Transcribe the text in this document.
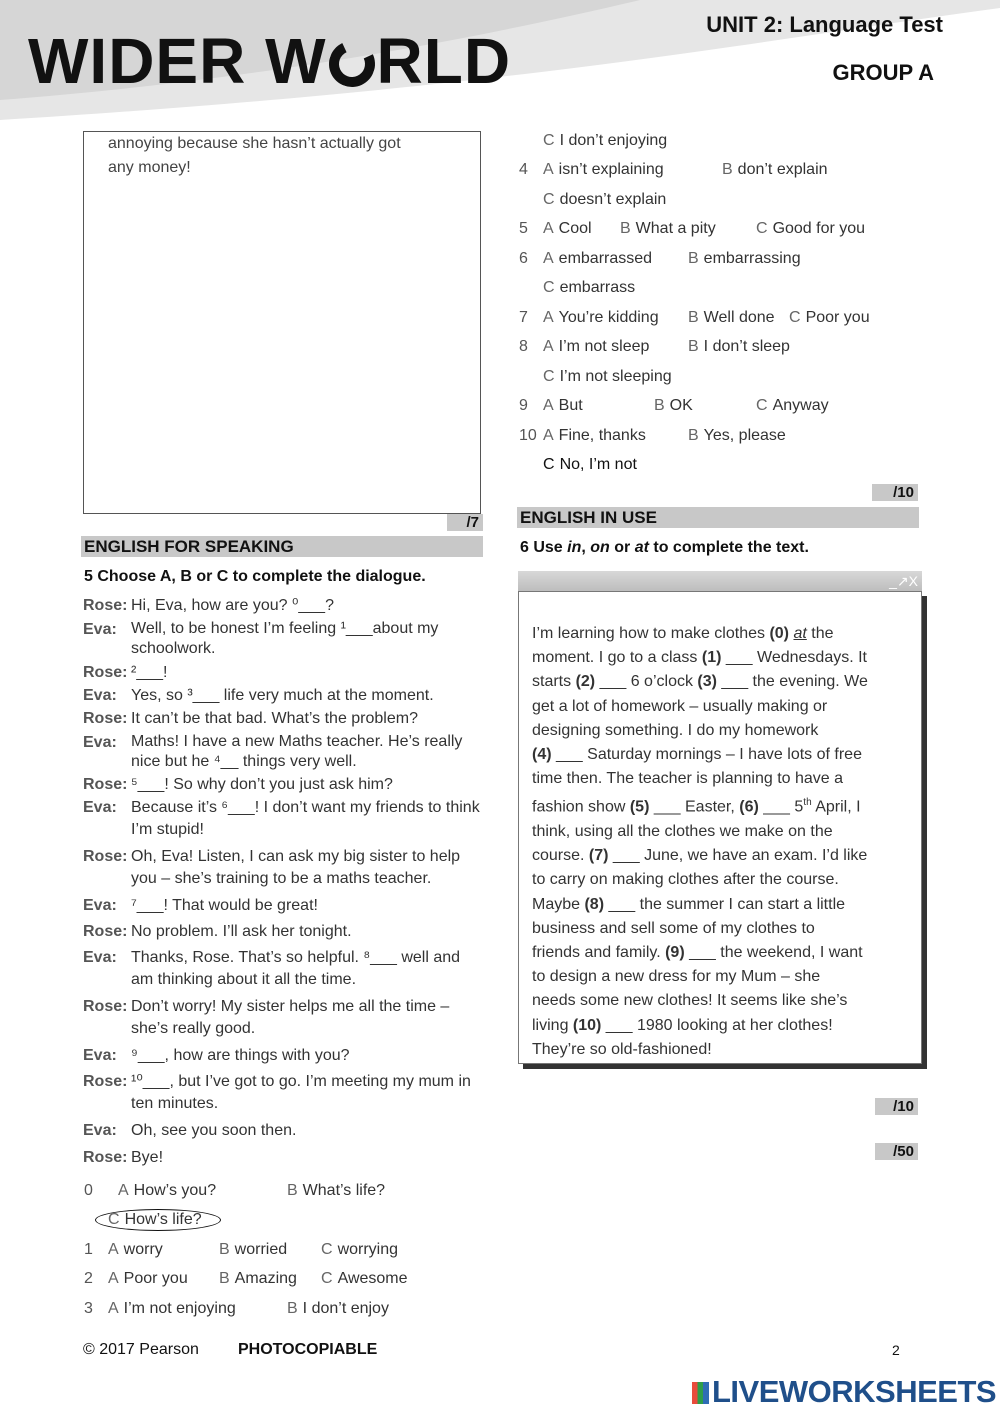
WIDER W RLD
UNIT 2: Language Test
GROUP A
annoying because she hasn’t actually got
any money!
/7
ENGLISH FOR SPEAKING
5 Choose A, B or C to complete the dialogue.
Rose: Hi, Eva, how are you? ⁰___?
Eva: Well, to be honest I’m feeling ¹___about my schoolwork.
Rose: ²___!
Eva: Yes, so ³___ life very much at the moment.
Rose: It can’t be that bad. What’s the problem?
Eva: Maths! I have a new Maths teacher. He’s really nice but he ⁴__ things very well.
Rose: ⁵___! So why don’t you just ask him?
Eva: Because it’s ⁶___! I don’t want my friends to think I’m stupid!
Rose: Oh, Eva! Listen, I can ask my big sister to help you – she’s training to be a maths teacher.
Eva: ⁷___! That would be great!
Rose: No problem. I’ll ask her tonight.
Eva: Thanks, Rose. That’s so helpful. ⁸___ well and am thinking about it all the time.
Rose: Don’t worry! My sister helps me all the time – she’s really good.
Eva: ⁹___, how are things with you?
Rose: ¹⁰___, but I’ve got to go. I’m meeting my mum in ten minutes.
Eva: Oh, see you soon then.
Rose: Bye!
0 A How’s you?	B What’s life?
C How’s life?
1 A worry	B worried C worrying
2 A Poor you B Amazing C Awesome
3 A I’m not enjoying	B I don’t enjoy
C I don’t enjoying
4 A isn’t explaining	B don’t explain
C doesn’t explain
5 A Cool B What a pity	C Good for you
6 A embarrassed B embarrassing
C embarrass
7 A You’re kidding B Well done C Poor you
8 A I’m not sleep B I don’t sleep
C I’m not sleeping
9 A But	B OK	C Anyway
10 A Fine, thanks	B Yes, please
C No, I’m not
/10
ENGLISH IN USE
6 Use in, on or at to complete the text.
_↗X
I’m learning how to make clothes (0) at the
moment. I go to a class (1) ___ Wednesdays. It
starts (2) ___ 6 o’clock (3) ___ the evening. We
get a lot of homework – usually making or
designing something. I do my homework
(4) ___ Saturday mornings – I have lots of free
time then. The teacher is planning to have a
fashion show (5) ___ Easter, (6) ___ 5th April, I
think, using all the clothes we make on the
course. (7) ___ June, we have an exam. I’d like
to carry on making clothes after the course.
Maybe (8) ___ the summer I can start a little
business and sell some of my clothes to
friends and family. (9) ___ the weekend, I want
to design a new dress for my Mum – she
needs some new clothes! It seems like she’s
living (10) ___ 1980 looking at her clothes!
They’re so old-fashioned!
/10
/50
© 2017 Pearson PHOTOCOPIABLE	2
LIVEWORKSHEETS
